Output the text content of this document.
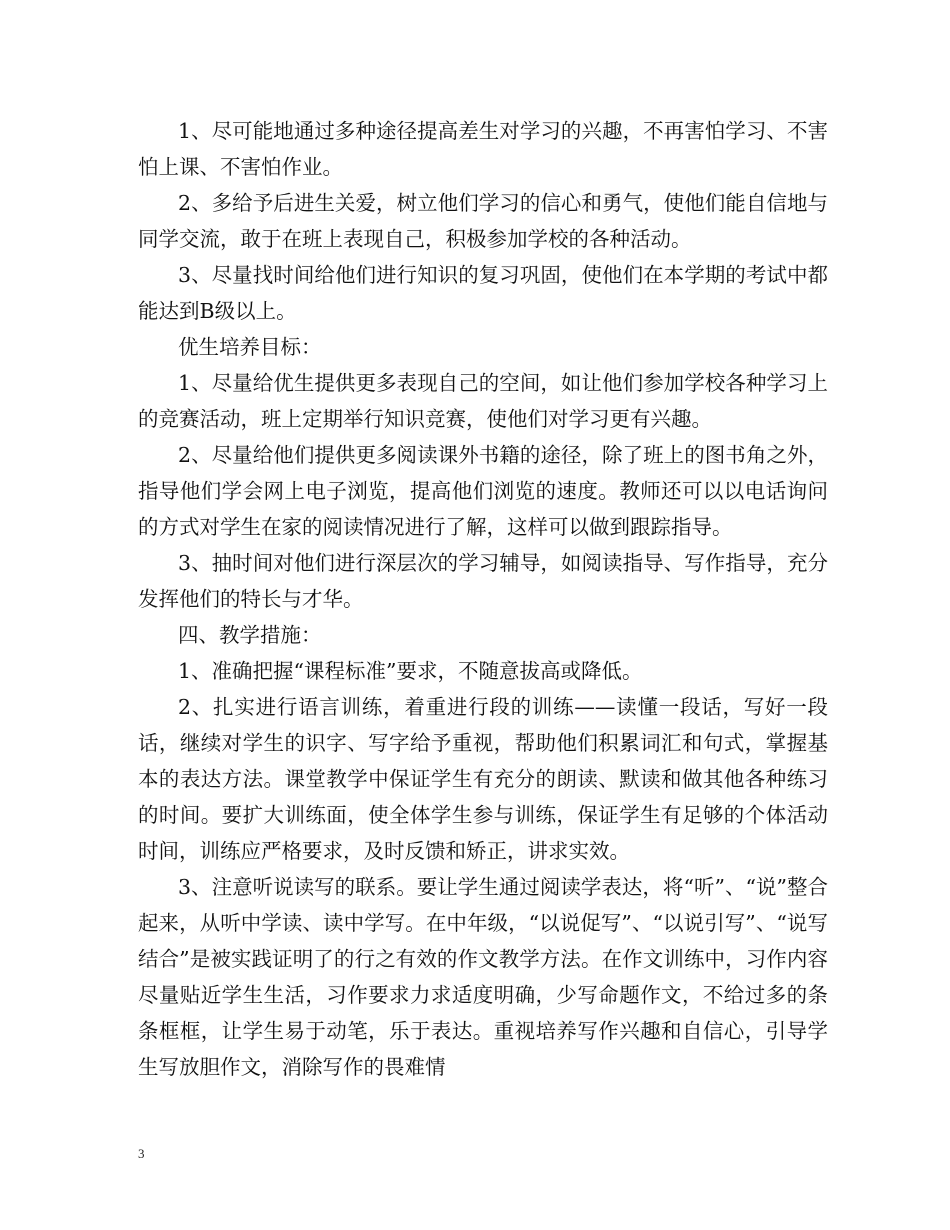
1、尽可能地通过多种途径提高差生对学习的兴趣，不再害怕学习、不害怕上课、不害怕作业。

2、多给予后进生关爱，树立他们学习的信心和勇气，使他们能自信地与同学交流，敢于在班上表现自己，积极参加学校的各种活动。

3、尽量找时间给他们进行知识的复习巩固，使他们在本学期的考试中都能达到B级以上。

优生培养目标：

1、尽量给优生提供更多表现自己的空间，如让他们参加学校各种学习上的竞赛活动，班上定期举行知识竞赛，使他们对学习更有兴趣。

2、尽量给他们提供更多阅读课外书籍的途径，除了班上的图书角之外，指导他们学会网上电子浏览，提高他们浏览的速度。教师还可以以电话询问的方式对学生在家的阅读情况进行了解，这样可以做到跟踪指导。

3、抽时间对他们进行深层次的学习辅导，如阅读指导、写作指导，充分发挥他们的特长与才华。

四、教学措施：

1、准确把握“课程标准”要求，不随意拔高或降低。

2、扎实进行语言训练，着重进行段的训练——读懂一段话，写好一段话，继续对学生的识字、写字给予重视，帮助他们积累词汇和句式，掌握基本的表达方法。课堂教学中保证学生有充分的朗读、默读和做其他各种练习的时间。要扩大训练面，使全体学生参与训练，保证学生有足够的个体活动时间，训练应严格要求，及时反馈和矫正，讲求实效。

3、注意听说读写的联系。要让学生通过阅读学表达，将“听”、“说”整合起来，从听中学读、读中学写。在中年级，“以说促写”、“以说引写”、“说写结合”是被实践证明了的行之有效的作文教学方法。在作文训练中，习作内容尽量贴近学生生活，习作要求力求适度明确，少写命题作文，不给过多的条条框框，让学生易于动笔，乐于表达。重视培养写作兴趣和自信心，引导学生写放胆作文，消除写作的畏难情

3
